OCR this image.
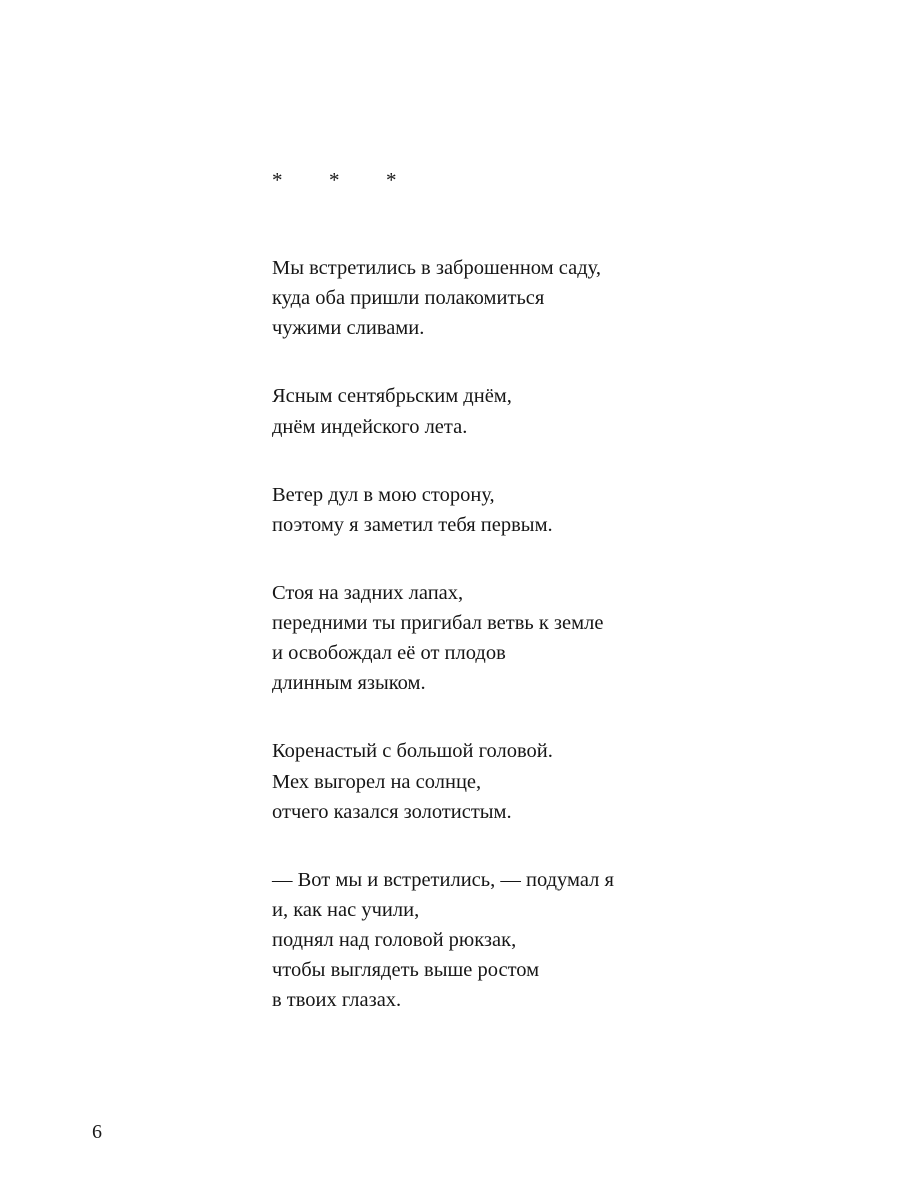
*  *  *

Мы встретились в заброшенном саду,
куда оба пришли полакомиться
чужими сливами.

Ясным сентябрьским днём,
днём индейского лета.

Ветер дул в мою сторону,
поэтому я заметил тебя первым.

Стоя на задних лапах,
передними ты пригибал ветвь к земле
и освобождал её от плодов
длинным языком.

Коренастый с большой головой.
Мех выгорел на солнце,
отчего казался золотистым.

— Вот мы и встретились, — подумал я
и, как нас учили,
поднял над головой рюкзак,
чтобы выглядеть выше ростом
в твоих глазах.

6
